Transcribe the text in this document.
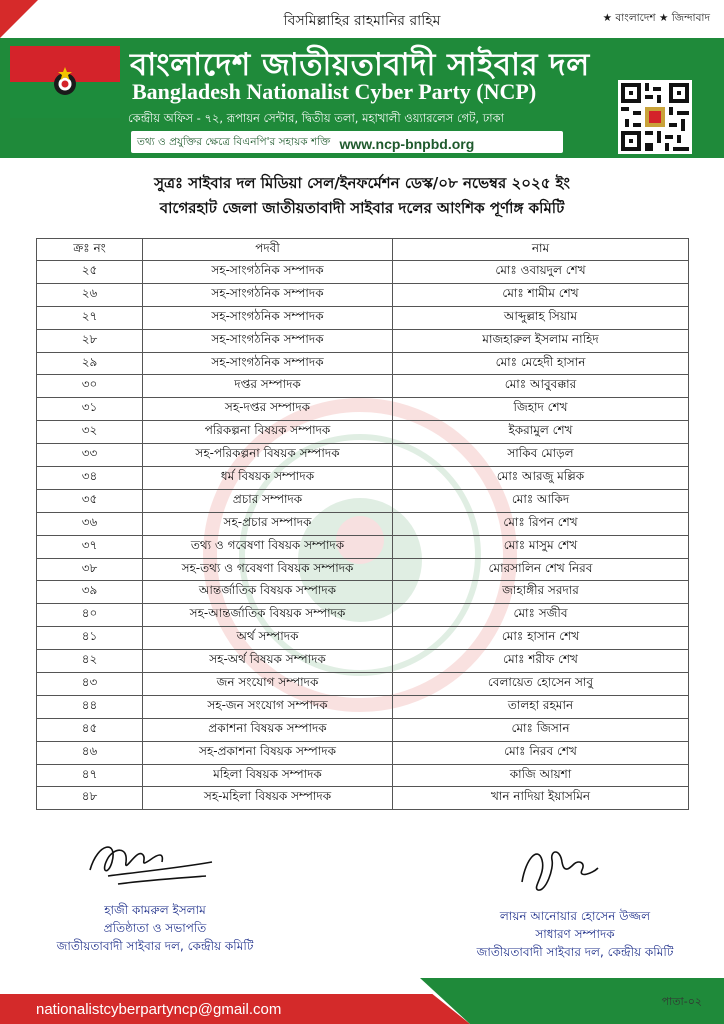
বিসমিল্লাহির রাহমানির রাহিম	★ বাংলাদেশ ★ জিন্দাবাদ
বাংলাদেশ জাতীয়তাবাদী সাইবার দল
Bangladesh Nationalist Cyber Party (NCP)
কেন্দ্রীয় অফিস - ৭২, রূপায়ন সেন্টার, দ্বিতীয় তলা, মহাখালী ওয়্যারলেস গেট, ঢাকা
তথ্য ও প্রযুক্তির ক্ষেত্রে বিএনপি'র সহায়ক শক্তি www.ncp-bnpbd.org
সুত্রঃ সাইবার দল মিডিয়া সেল/ইনফর্মেশন ডেস্ক/০৮ নভেম্বর ২০২৫ ইং
বাগেরহাট জেলা জাতীয়তাবাদী সাইবার দলের আংশিক পূর্ণাঙ্গ কমিটি
ক্রঃ নং	পদবী	নাম
২৫	সহ-সাংগঠনিক সম্পাদক	মোঃ ওবায়দুল শেখ
২৬	সহ-সাংগঠনিক সম্পাদক	মোঃ শামীম শেখ
২৭	সহ-সাংগঠনিক সম্পাদক	আব্দুল্লাহ সিয়াম
২৮	সহ-সাংগঠনিক সম্পাদক	মাজহারুল ইসলাম নাহিদ
২৯	সহ-সাংগঠনিক সম্পাদক	মোঃ মেহেদী হাসান
৩০	দপ্তর সম্পাদক	মোঃ আবুবক্কার
৩১	সহ-দপ্তর সম্পাদক	জিহাদ শেখ
৩২	পরিকল্পনা বিষয়ক সম্পাদক	ইকরামুল শেখ
৩৩	সহ-পরিকল্পনা বিষয়ক সম্পাদক	সাকিব মোড়ল
৩৪	ধর্ম বিষয়ক সম্পাদক	মোঃ আরজু মল্লিক
৩৫	প্রচার সম্পাদক	মোঃ আকিদ
৩৬	সহ-প্রচার সম্পাদক	মোঃ রিপন শেখ
৩৭	তথ্য ও গবেষণা বিষয়ক সম্পাদক	মোঃ মাসুম শেখ
৩৮	সহ-তথ্য ও গবেষণা বিষয়ক সম্পাদক	মোরসালিন শেখ নিরব
৩৯	আন্তর্জাতিক বিষয়ক সম্পাদক	জাহাঙ্গীর সরদার
৪০	সহ-আন্তর্জাতিক বিষয়ক সম্পাদক	মোঃ সজীব
৪১	অর্থ সম্পাদক	মোঃ হাসান শেখ
৪২	সহ-অর্থ বিষয়ক সম্পাদক	মোঃ শরীফ শেখ
৪৩	জন সংযোগ সম্পাদক	বেলায়েত হোসেন সাবু
৪৪	সহ-জন সংযোগ সম্পাদক	তালহা রহমান
৪৫	প্রকাশনা বিষয়ক সম্পাদক	মোঃ জিসান
৪৬	সহ-প্রকাশনা বিষয়ক সম্পাদক	মোঃ নিরব শেখ
৪৭	মহিলা বিষয়ক সম্পাদক	কাজি আয়শা
৪৮	সহ-মহিলা বিষয়ক সম্পাদক	খান নাদিয়া ইয়াসমিন
হাজী কামরুল ইসলাম
প্রতিষ্ঠাতা ও সভাপতি
জাতীয়তাবাদী সাইবার দল, কেন্দ্রীয় কমিটি
লায়ন আনোয়ার হোসেন উজ্জল
সাধারণ সম্পাদক
জাতীয়তাবাদী সাইবার দল, কেন্দ্রীয় কমিটি
nationalistcyberpartyncp@gmail.com	পাতা-০২
